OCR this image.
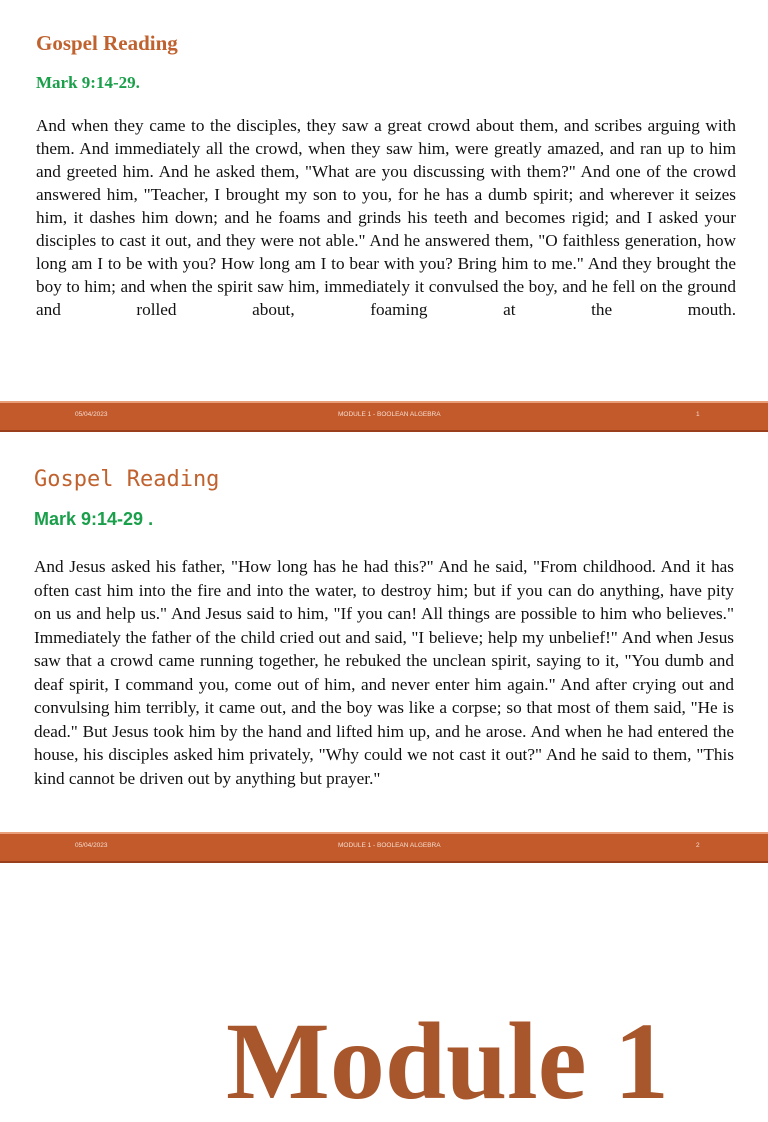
Gospel Reading
Mark 9:14-29.

And when they came to the disciples, they saw a great crowd about them, and scribes arguing with them. And immediately all the crowd, when they saw him, were greatly amazed, and ran up to him and greeted him. And he asked them, "What are you discussing with them?" And one of the crowd answered him, "Teacher, I brought my son to you, for he has a dumb spirit; and wherever it seizes him, it dashes him down; and he foams and grinds his teeth and becomes rigid; and I asked your disciples to cast it out, and they were not able." And he answered them, "O faithless generation, how long am I to be with you? How long am I to bear with you? Bring him to me." And they brought the boy to him; and when the spirit saw him, immediately it convulsed the boy, and he fell on the ground and rolled about, foaming at the mouth.

05/04/2023	MODULE 1 - BOOLEAN ALGEBRA	1
Gospel Reading
Mark 9:14-29 .

And Jesus asked his father, "How long has he had this?" And he said, "From childhood. And it has often cast him into the fire and into the water, to destroy him; but if you can do anything, have pity on us and help us." And Jesus said to him, "If you can! All things are possible to him who believes." Immediately the father of the child cried out and said, "I believe; help my unbelief!" And when Jesus saw that a crowd came running together, he rebuked the unclean spirit, saying to it, "You dumb and deaf spirit, I command you, come out of him, and never enter him again." And after crying out and convulsing him terribly, it came out, and the boy was like a corpse; so that most of them said, "He is dead." But Jesus took him by the hand and lifted him up, and he arose. And when he had entered the house, his disciples asked him privately, "Why could we not cast it out?" And he said to them, "This kind cannot be driven out by anything but prayer."

05/04/2023	MODULE 1 - BOOLEAN ALGEBRA	2
Module 1
